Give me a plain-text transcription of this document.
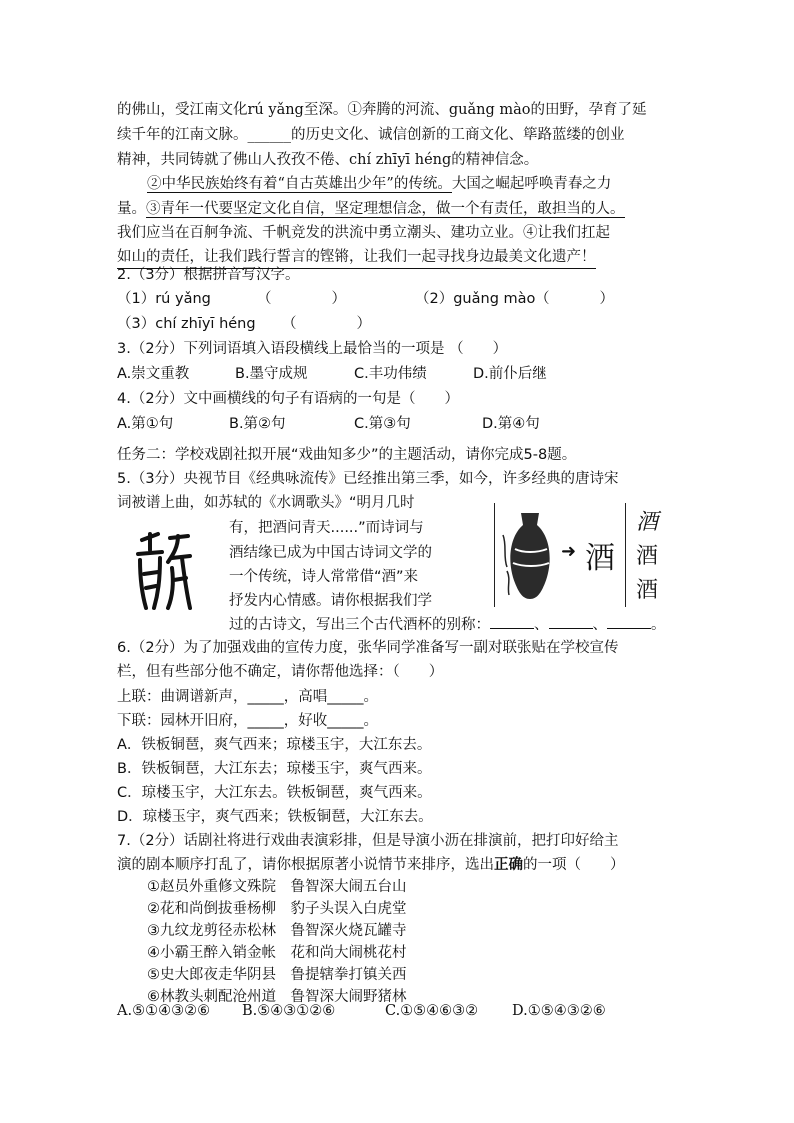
的佛山，受江南文化rú yǎng至深。①奔腾的河流、guǎng mào的田野，孕育了延
续千年的江南文脉。______的历史文化、诚信创新的工商文化、筚路蓝缕的创业
精神，共同铸就了佛山人孜孜不倦、chí zhīyī héng的精神信念。
②中华民族始终有着“自古英雄出少年”的传统。大国之崛起呼唤青春之力
量。③青年一代要坚定文化自信，坚定理想信念，做一个有责任，敢担当的人。
我们应当在百舸争流、千帆竞发的洪流中勇立潮头、建功立业。④让我们扛起
如山的责任，让我们践行誓言的铿锵，让我们一起寻找身边最美文化遗产！
2.（3分）根据拼音写汉字。
（1）rú yǎng	（	）	（2）guǎng mào （	）
（3）chí zhīyī héng （	）
3.（2分）下列词语填入语段横线上最恰当的一项是 （　　）
A.崇文重教	B.墨守成规	C.丰功伟绩	D.前仆后继
4.（2分）文中画横线的句子有语病的一句是（　　）
A.第①句	B.第②句	C.第③句	D.第④句
任务二：学校戏剧社拟开展“戏曲知多少”的主题活动，请你完成5-8题。
5.（3分）央视节目《经典咏流传》已经推出第三季，如今，许多经典的唐诗宋
词被谱上曲，如苏轼的《水调歌头》“明月几时
有，把酒问青天......”而诗词与
酒结缘已成为中国古诗词文学的
一个传统，诗人常常借“酒”来
抒发内心情感。请你根据我们学
过的古诗文，写出三个古代酒杯的别称：	、	、	。
➜ 酒
酒
酒
酒
6.（2分）为了加强戏曲的宣传力度，张华同学准备写一副对联张贴在学校宣传
栏，但有些部分他不确定，请你帮他选择：（　　）
上联：曲调谱新声，_____，高唱_____。
下联：园林开旧府，_____，好收_____。
A．铁板铜琶，爽气西来；琼楼玉宇，大江东去。
B．铁板铜琶，大江东去；琼楼玉宇，爽气西来。
C．琼楼玉宇，大江东去。铁板铜琶，爽气西来。
D．琼楼玉宇，爽气西来；铁板铜琶，大江东去。
7.（2分）话剧社将进行戏曲表演彩排，但是导演小沥在排演前，把打印好给主
演的剧本顺序打乱了，请你根据原著小说情节来排序，选出正确的一项（　　）
①赵员外重修文殊院　鲁智深大闹五台山
②花和尚倒拔垂杨柳　豹子头误入白虎堂
③九纹龙剪径赤松林　鲁智深火烧瓦罐寺
④小霸王醉入销金帐　花和尚大闹桃花村
⑤史大郎夜走华阴县　鲁提辖拳打镇关西
⑥林教头刺配沧州道　鲁智深大闹野猪林
A.⑤①④③②⑥ B.⑤④③①②⑥	C.①⑤④⑥③② D.①⑤④③②⑥
